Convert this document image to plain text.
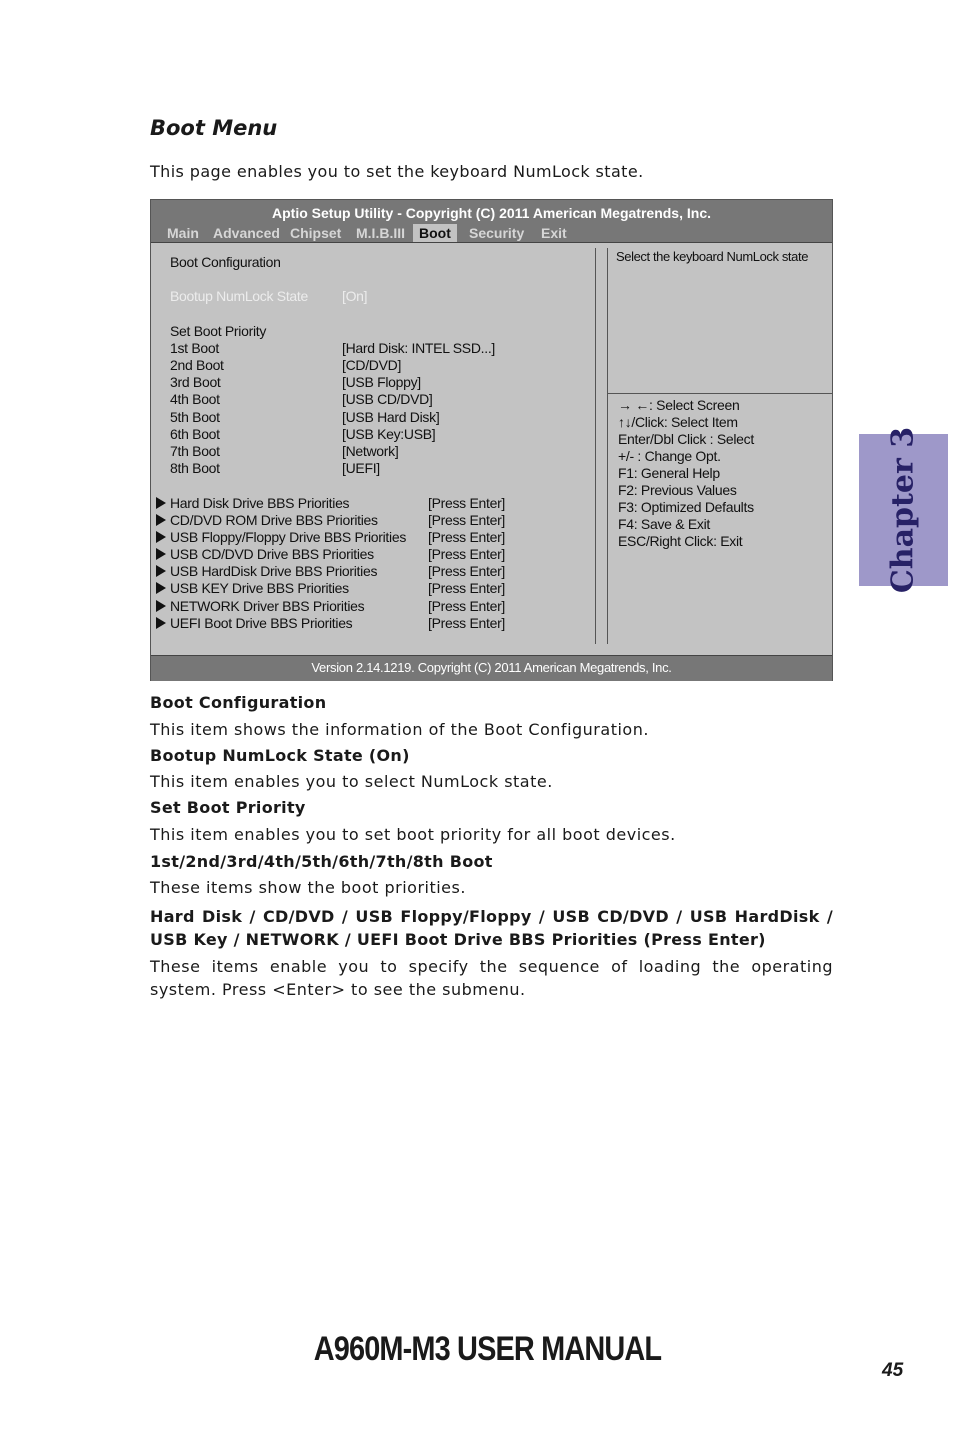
Boot Menu
This page enables you to set the keyboard NumLock state.
Aptio Setup Utility - Copyright (C) 2011 American Megatrends, Inc.
Main	Advanced Chipset	M.I.B.III	Boot	Security	Exit
Boot Configuration
Bootup NumLock State [On]
Set Boot Priority
1st Boot	[Hard Disk: INTEL SSD...]
2nd Boot	[CD/DVD]
3rd Boot	[USB Floppy]
4th Boot	[USB CD/DVD]
5th Boot	[USB Hard Disk]
6th Boot	[USB Key:USB]
7th Boot	[Network]
8th Boot	[UEFI]
Hard Disk Drive BBS Priorities	[Press Enter]
CD/DVD ROM Drive BBS Priorities	[Press Enter]
USB Floppy/Floppy Drive BBS Priorities [Press Enter]
USB CD/DVD Drive BBS Priorities	[Press Enter]
USB HardDisk Drive BBS Priorities	[Press Enter]
USB KEY Drive BBS Priorities	[Press Enter]
NETWORK Driver BBS Priorities	[Press Enter]
UEFI Boot Drive BBS Priorities	[Press Enter]
Select the keyboard NumLock state
→ ←: Select Screen
↑↓/Click: Select Item
Enter/Dbl Click : Select
+/- : Change Opt.
F1: General Help
F2: Previous Values
F3: Optimized Defaults
F4: Save & Exit
ESC/Right Click: Exit
Version 2.14.1219. Copyright (C) 2011 American Megatrends, Inc.
Boot Configuration
This item shows the information of the Boot Configuration.
Bootup NumLock State (On)
This item enables you to select NumLock state.
Set Boot Priority
This item enables you to set boot priority for all boot devices.
1st/2nd/3rd/4th/5th/6th/7th/8th Boot
These items show the boot priorities.
Hard Disk / CD/DVD / USB Floppy/Floppy / USB CD/DVD / USB HardDisk / USB Key / NETWORK / UEFI Boot Drive BBS Priorities (Press Enter)
These items enable you to specify the sequence of loading the operating system. Press <Enter> to see the submenu.
Chapter 3
A960M-M3 USER MANUAL
45
